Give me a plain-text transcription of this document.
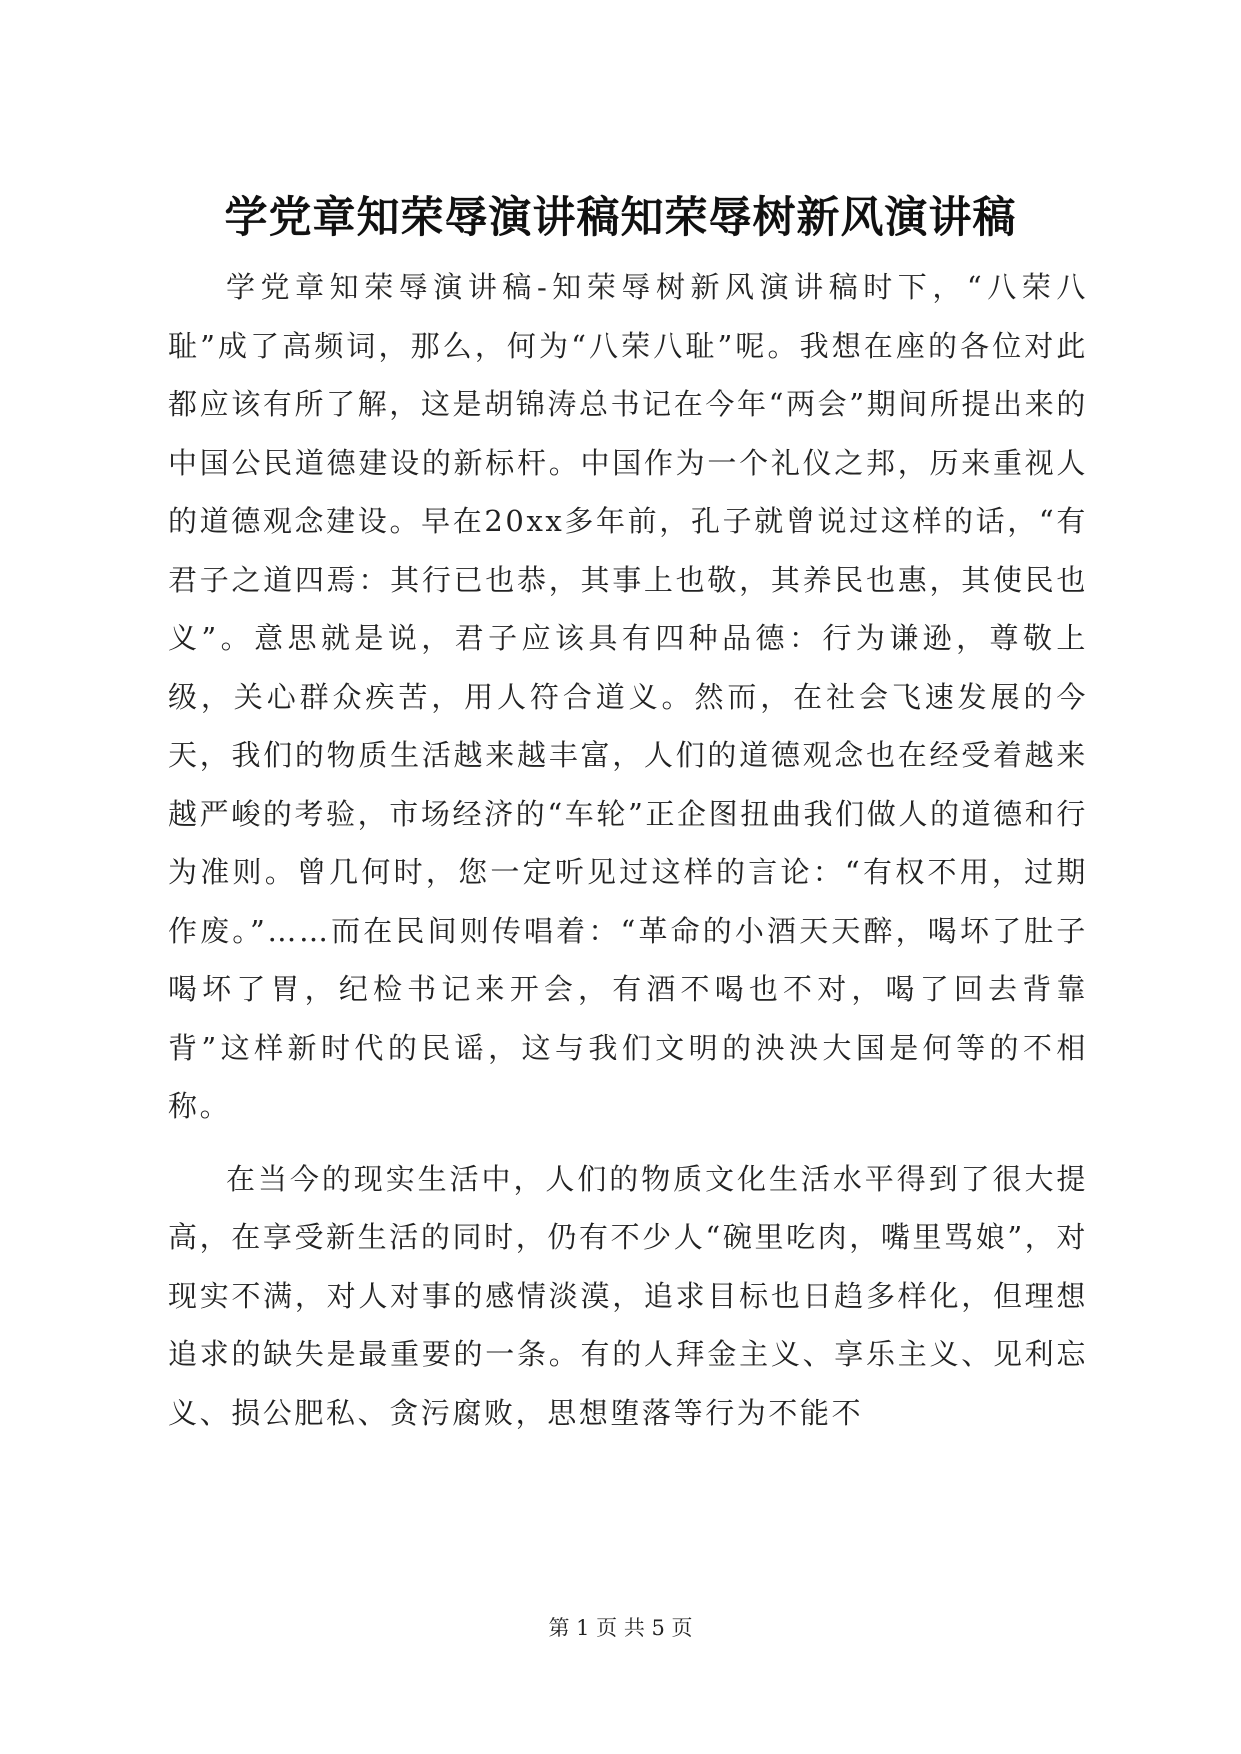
学党章知荣辱演讲稿知荣辱树新风演讲稿

学党章知荣辱演讲稿-知荣辱树新风演讲稿时下，“八荣八耻”成了高频词，那么，何为“八荣八耻”呢。我想在座的各位对此都应该有所了解，这是胡锦涛总书记在今年“两会”期间所提出来的中国公民道德建设的新标杆。中国作为一个礼仪之邦，历来重视人的道德观念建设。早在20xx多年前，孔子就曾说过这样的话，“有君子之道四焉：其行已也恭，其事上也敬，其养民也惠，其使民也义”。意思就是说，君子应该具有四种品德：行为谦逊，尊敬上级，关心群众疾苦，用人符合道义。然而，在社会飞速发展的今天，我们的物质生活越来越丰富，人们的道德观念也在经受着越来越严峻的考验，市场经济的“车轮”正企图扭曲我们做人的道德和行为准则。曾几何时，您一定听见过这样的言论：“有权不用，过期作废。”……而在民间则传唱着：“革命的小酒天天醉，喝坏了肚子喝坏了胃，纪检书记来开会，有酒不喝也不对，喝了回去背靠背”这样新时代的民谣，这与我们文明的泱泱大国是何等的不相称。

在当今的现实生活中，人们的物质文化生活水平得到了很大提高，在享受新生活的同时，仍有不少人“碗里吃肉，嘴里骂娘”，对现实不满，对人对事的感情淡漠，追求目标也日趋多样化，但理想追求的缺失是最重要的一条。有的人拜金主义、享乐主义、见利忘义、损公肥私、贪污腐败，思想堕落等行为不能不

第 1 页 共 5 页
